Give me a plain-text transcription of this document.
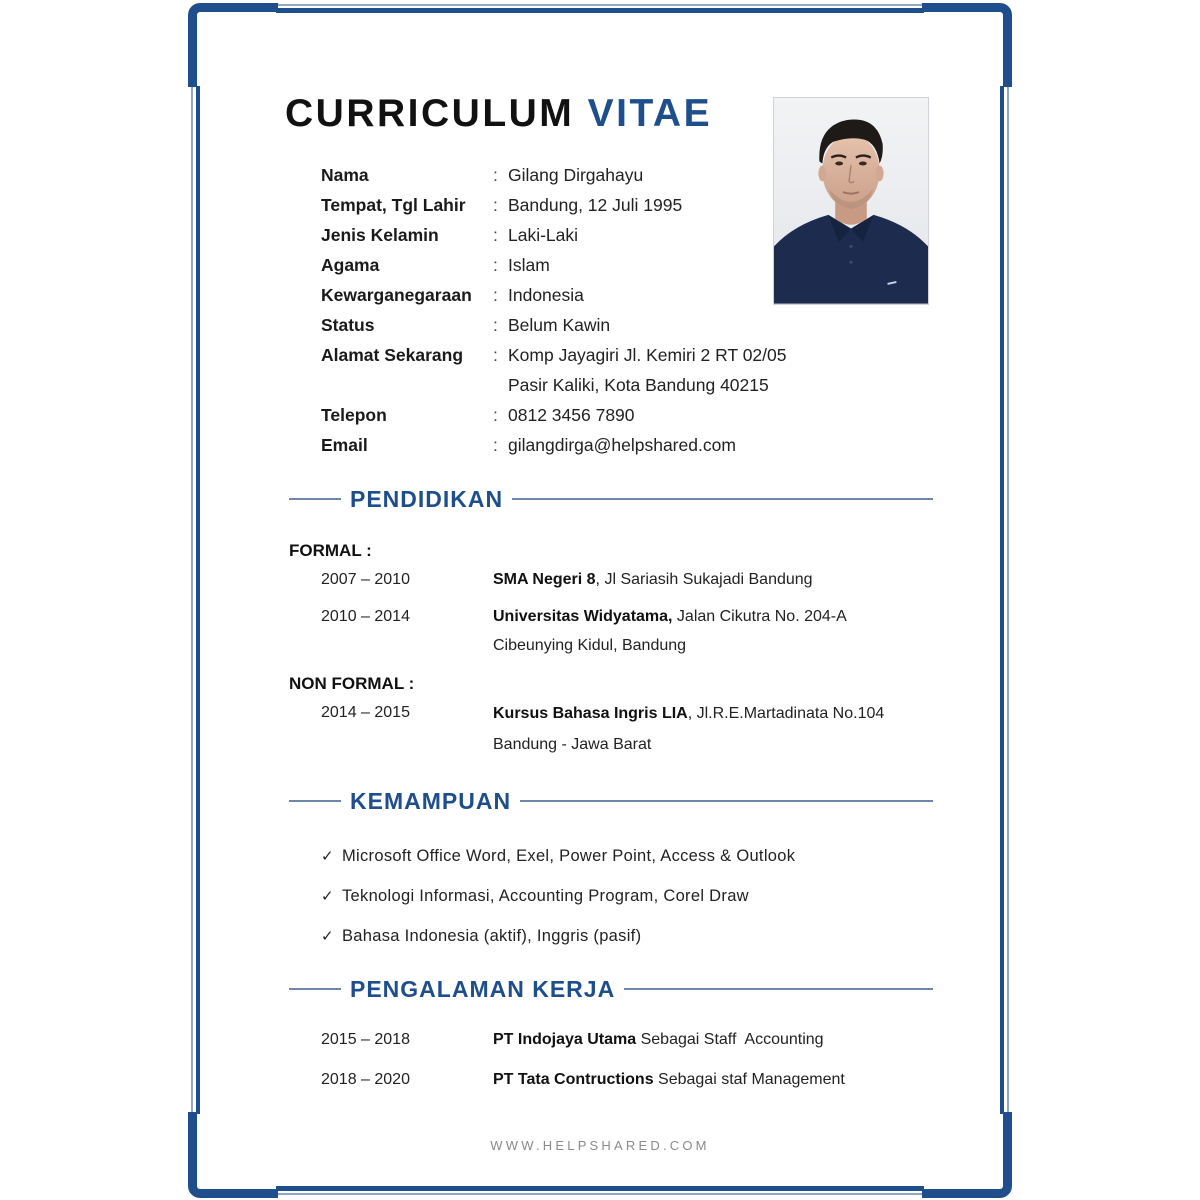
CURRICULUM VITAE
Nama	: Gilang Dirgahayu
Tempat, Tgl Lahir	: Bandung, 12 Juli 1995
Jenis Kelamin	: Laki-Laki
Agama	: Islam
Kewarganegaraan	: Indonesia
Status	: Belum Kawin
Alamat Sekarang	: Komp Jayagiri Jl. Kemiri 2 RT 02/05
Pasir Kaliki, Kota Bandung 40215
Telepon	: 0812 3456 7890
Email	: gilangdirga@helpshared.com
PENDIDIKAN
FORMAL :
2007 – 2010	SMA Negeri 8, Jl Sariasih Sukajadi Bandung
2010 – 2014	Universitas Widyatama, Jalan Cikutra No. 204-A
Cibeunying Kidul, Bandung
NON FORMAL :
2014 – 2015	Kursus Bahasa Ingris LIA, Jl.R.E.Martadinata No.104
Bandung - Jawa Barat
KEMAMPUAN
✓ Microsoft Office Word, Exel, Power Point, Access & Outlook
✓ Teknologi Informasi, Accounting Program, Corel Draw
✓ Bahasa Indonesia (aktif), Inggris (pasif)
PENGALAMAN KERJA
2015 – 2018	PT Indojaya Utama Sebagai Staff  Accounting
2018 – 2020	PT Tata Contructions Sebagai staf Management
WWW.HELPSHARED.COM
